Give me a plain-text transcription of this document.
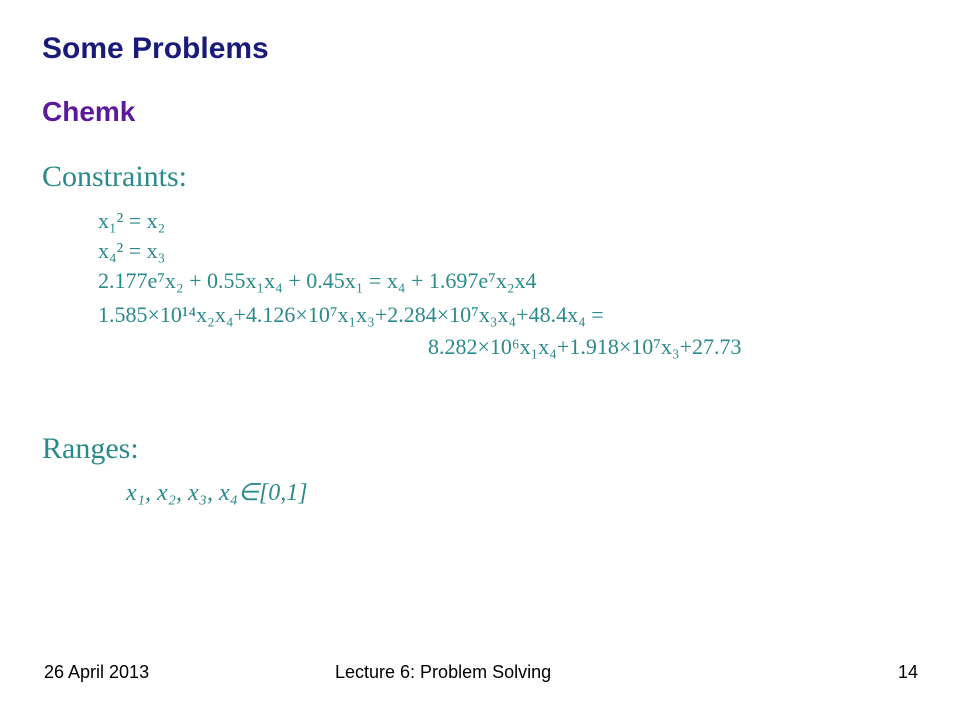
Some Problems
Chemk
Constraints:
x₁² = x₂
x₄² = x₃
2.177e⁷x₂ + 0.55x₁x₄ + 0.45x₁ = x₄ + 1.697e⁷x₂x4
1.585×10¹⁴x₂x₄+4.126×10⁷x₁x₃+2.284×10⁷x₃x₄+48.4x₄ =
8.282×10⁶x₁x₄+1.918×10⁷x₃+27.73
Ranges:
x₁, x₂, x₃, x₄∈[0,1]
26 April 2013	Lecture 6: Problem Solving	14
